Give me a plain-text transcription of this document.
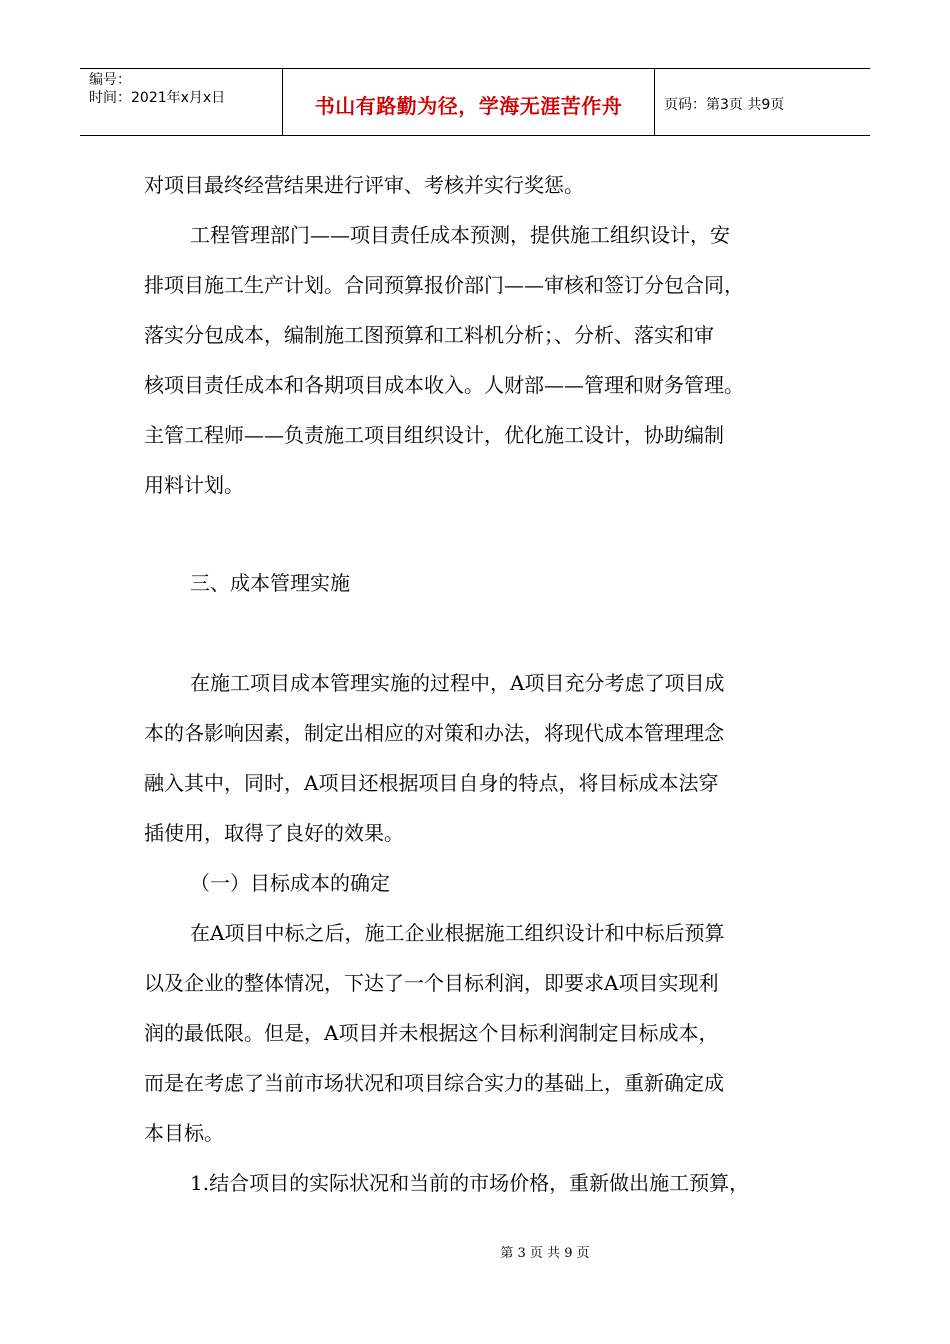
编号：
时间：2021年x月x日	书山有路勤为径，学海无涯苦作舟	页码：第3页 共9页
对项目最终经营结果进行评审、考核并实行奖惩。
工程管理部门——项目责任成本预测，提供施工组织设计，安
排项目施工生产计划。合同预算报价部门——审核和签订分包合同，
落实分包成本，编制施工图预算和工料机分析；、分析、落实和审
核项目责任成本和各期项目成本收入。人财部——管理和财务管理。
主管工程师——负责施工项目组织设计，优化施工设计，协助编制
用料计划。
三、成本管理实施
在施工项目成本管理实施的过程中，A项目充分考虑了项目成
本的各影响因素，制定出相应的对策和办法，将现代成本管理理念
融入其中，同时，A项目还根据项目自身的特点，将目标成本法穿
插使用，取得了良好的效果。
（一）目标成本的确定
在A项目中标之后，施工企业根据施工组织设计和中标后预算
以及企业的整体情况，下达了一个目标利润，即要求A项目实现利
润的最低限。但是，A项目并未根据这个目标利润制定目标成本，
而是在考虑了当前市场状况和项目综合实力的基础上，重新确定成
本目标。
1.结合项目的实际状况和当前的市场价格，重新做出施工预算，
第 3 页 共 9 页
